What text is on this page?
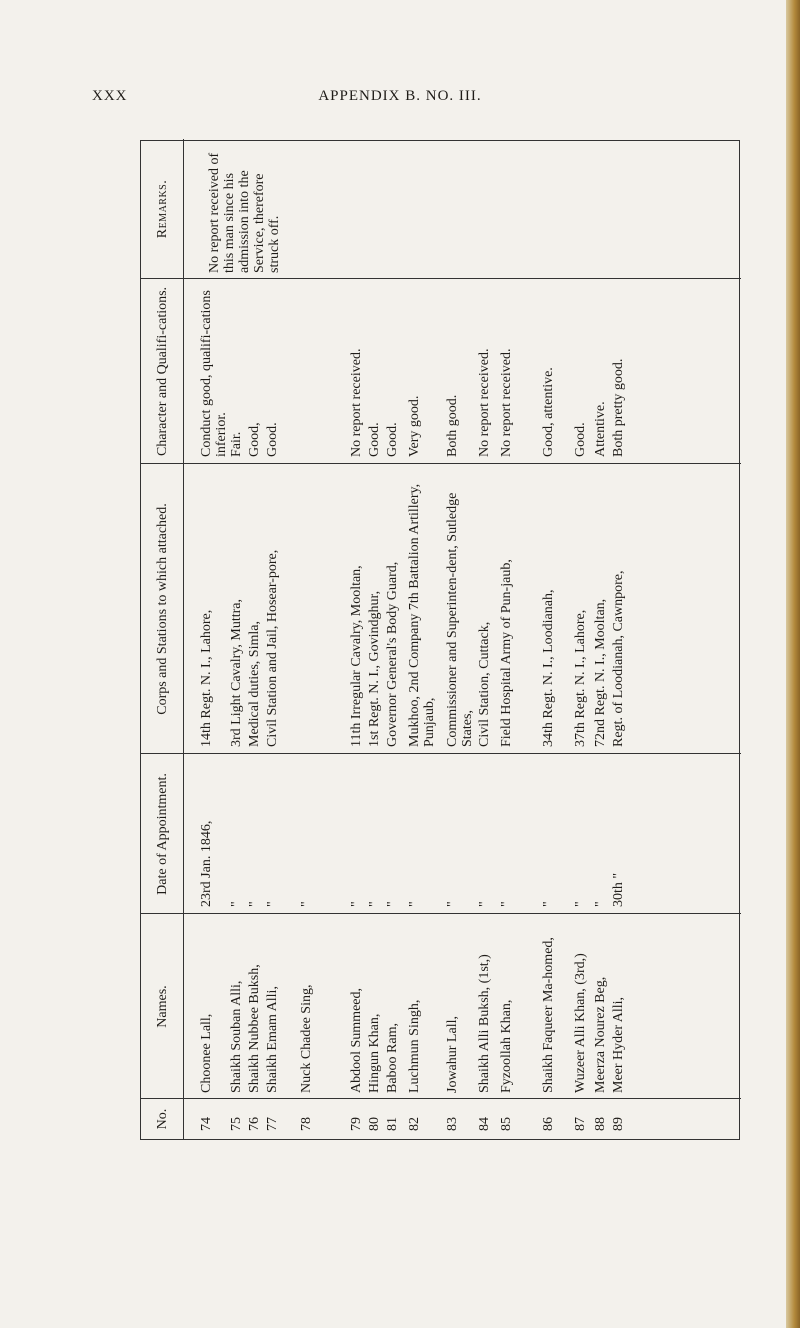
XXX	APPENDIX B. NO. III.
No.
Names.
Date of Appointment.
Corps and Stations to which attached.
Character and Qualifi-cations.
Remarks.
74
Choonee Lall,
23rd Jan. 1846,
14th Regt. N. I., Lahore,
Conduct good, qualifi-cations inferior.
75
Shaikh Souban Alli,
"
3rd Light Cavalry, Muttra,
Fair.
76
Shaikh Nubbee Buksh,
"
Medical duties, Simla,
Good,
77
Shaikh Emam Alli,
"
Civil Station and Jail, Hosear-pore,
Good.
78
Nuck Chadee Sing,
"
No report received of this man since his admission into the Service, therefore struck off.
79
Abdool Summeed,
"
11th Irregular Cavalry, Mooltan,
No report received.
80
Hingun Khan,
"
1st Regt. N. I., Govindghur,
Good.
81
Baboo Ram,
"
Governor General's Body Guard,
Good.
82
Luchmun Singh,
"
Mukhoo, 2nd Company 7th Battalion Artillery, Punjaub,
Very good.
83
Jowahur Lall,
"
Commissioner and Superinten-dent, Sutledge States,
Both good.
84
Shaikh Alli Buksh, (1st,)
"
Civil Station, Cuttack,
No report received.
85
Fyzoollah Khan,
"
Field Hospital Army of Pun-jaub,
No report received.
86
Shaikh Faqueer Ma-homed,
"
34th Regt. N. I., Loodianah,
Good, attentive.
87
Wuzeer Alli Khan, (3rd,)
"
37th Regt. N. I., Lahore,
Good.
88
Meerza Nourez Beg,
"
72nd Regt. N. I., Mooltan,
Attentive.
89
Meer Hyder Alli,
30th "
Regt. of Loodianah, Cawnpore,
Both pretty good.
